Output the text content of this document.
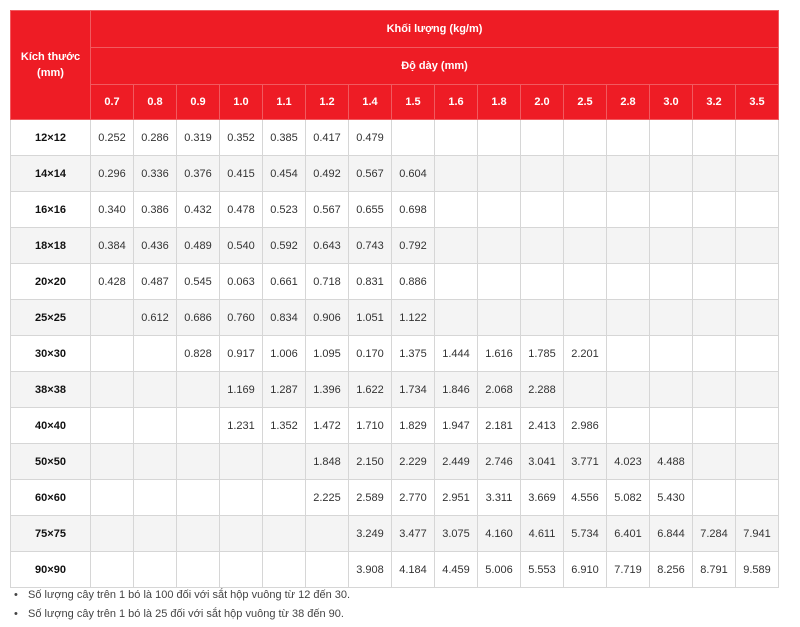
Kích thước (mm)	Khối lượng (kg/m)															
	Độ dày (mm)															
	0.7	0.8	0.9	1.0	1.1	1.2	1.4	1.5	1.6	1.8	2.0	2.5	2.8	3.0	3.2	3.5
12×12	0.252	0.286	0.319	0.352	0.385	0.417	0.479									
14×14	0.296	0.336	0.376	0.415	0.454	0.492	0.567	0.604								
16×16	0.340	0.386	0.432	0.478	0.523	0.567	0.655	0.698								
18×18	0.384	0.436	0.489	0.540	0.592	0.643	0.743	0.792								
20×20	0.428	0.487	0.545	0.063	0.661	0.718	0.831	0.886								
25×25		0.612	0.686	0.760	0.834	0.906	1.051	1.122								
30×30			0.828	0.917	1.006	1.095	0.170	1.375	1.444	1.616	1.785	2.201				
38×38				1.169	1.287	1.396	1.622	1.734	1.846	2.068	2.288					
40×40				1.231	1.352	1.472	1.710	1.829	1.947	2.181	2.413	2.986				
50×50						1.848	2.150	2.229	2.449	2.746	3.041	3.771	4.023	4.488		
60×60						2.225	2.589	2.770	2.951	3.311	3.669	4.556	5.082	5.430		
75×75							3.249	3.477	3.075	4.160	4.611	5.734	6.401	6.844	7.284	7.941
90×90							3.908	4.184	4.459	5.006	5.553	6.910	7.719	8.256	8.791	9.589
• Số lượng cây trên 1 bó là 100 đối với sắt hộp vuông từ 12 đến 30.
• Số lượng cây trên 1 bó là 25 đối với sắt hộp vuông từ 38 đến 90.
